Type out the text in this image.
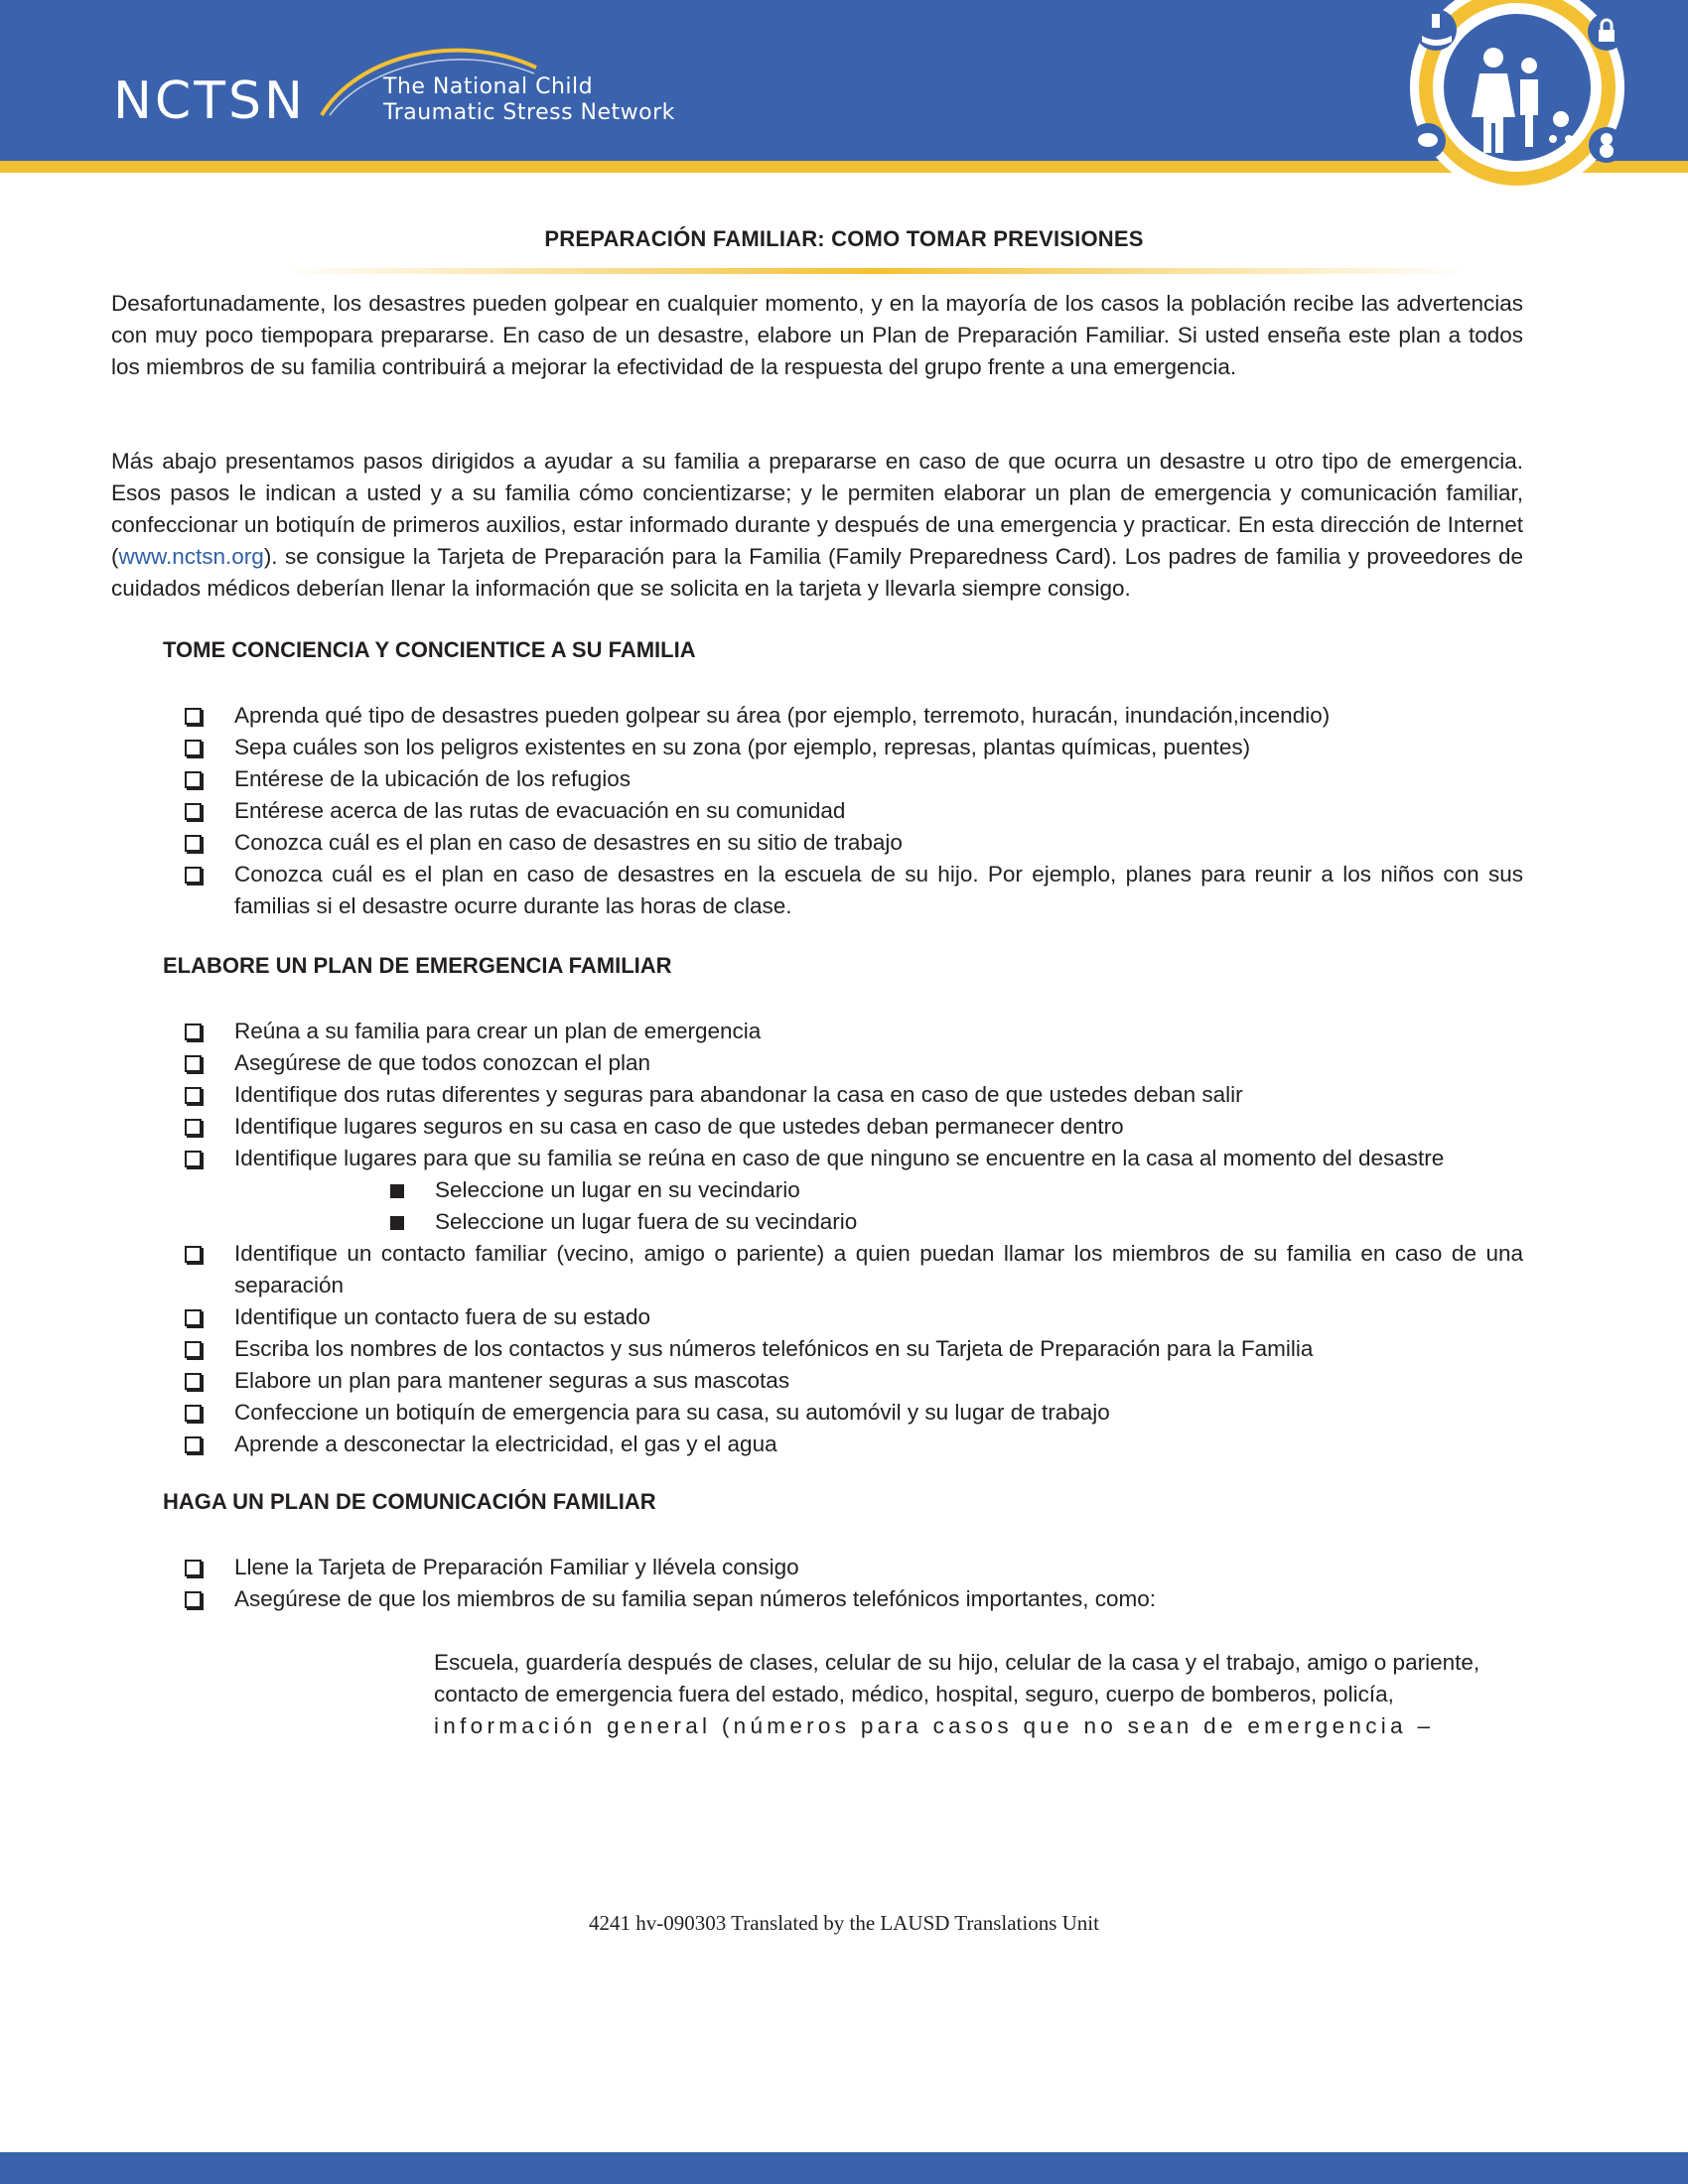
NCTSN	The National Child
Traumatic Stress Network
PREPARACIÓN FAMILIAR: COMO TOMAR PREVISIONES
Desafortunadamente, los desastres pueden golpear en cualquier momento, y en la mayoría de los casos la población recibe las advertencias con muy poco tiempopara prepararse. En caso de un desastre, elabore un Plan de Preparación Familiar. Si usted enseña este plan a todos los miembros de su familia contribuirá a mejorar la efectividad de la respuesta del grupo frente a una emergencia.
Más abajo presentamos pasos dirigidos a ayudar a su familia a prepararse en caso de que ocurra un desastre u otro tipo de emergencia. Esos pasos le indican a usted y a su familia cómo concientizarse; y le permiten elaborar un plan de emergencia y comunicación familiar, confeccionar un botiquín de primeros auxilios, estar informado durante y después de una emergencia y practicar. En esta dirección de Internet (www.nctsn.org). se consigue la Tarjeta de Preparación para la Familia (Family Preparedness Card). Los padres de familia y proveedores de cuidados médicos deberían llenar la información que se solicita en la tarjeta y llevarla siempre consigo.
TOME CONCIENCIA Y CONCIENTICE A SU FAMILIA
Aprenda qué tipo de desastres pueden golpear su área (por ejemplo, terremoto, huracán, inundación,incendio)
Sepa cuáles son los peligros existentes en su zona (por ejemplo, represas, plantas químicas, puentes)
Entérese de la ubicación de los refugios
Entérese acerca de las rutas de evacuación en su comunidad
Conozca cuál es el plan en caso de desastres en su sitio de trabajo
Conozca cuál es el plan en caso de desastres en la escuela de su hijo. Por ejemplo, planes para reunir a los niños con sus familias si el desastre ocurre durante las horas de clase.
ELABORE UN PLAN DE EMERGENCIA FAMILIAR
Reúna a su familia para crear un plan de emergencia
Asegúrese de que todos conozcan el plan
Identifique dos rutas diferentes y seguras para abandonar la casa en caso de que ustedes deban salir
Identifique lugares seguros en su casa en caso de que ustedes deban permanecer dentro
Identifique lugares para que su familia se reúna en caso de que ninguno se encuentre en la casa al momento del desastre
Seleccione un lugar en su vecindario
Seleccione un lugar fuera de su vecindario
Identifique un contacto familiar (vecino, amigo o pariente) a quien puedan llamar los miembros de su familia en caso de una separación
Identifique un contacto fuera de su estado
Escriba los nombres de los contactos y sus números telefónicos en su Tarjeta de Preparación para la Familia
Elabore un plan para mantener seguras a sus mascotas
Confeccione un botiquín de emergencia para su casa, su automóvil y su lugar de trabajo
Aprende a desconectar la electricidad, el gas y el agua
HAGA UN PLAN DE COMUNICACIÓN FAMILIAR
Llene la Tarjeta de Preparación Familiar y llévela consigo
Asegúrese de que los miembros de su familia sepan números telefónicos importantes, como:
Escuela, guardería después de clases, celular de su hijo, celular de la casa y el trabajo, amigo o pariente,
contacto de emergencia fuera del estado, médico, hospital, seguro, cuerpo de bomberos, policía,
información general (números para casos que no sean de emergencia –
4241 hv-090303 Translated by the LAUSD Translations Unit
